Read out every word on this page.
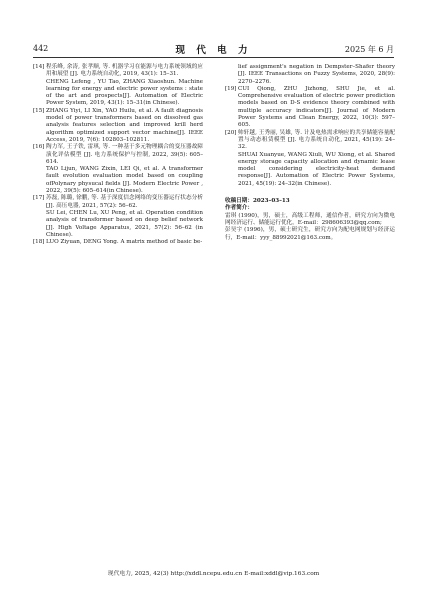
442	现 代 电 力	2025 年 6 月
[14] 程乐峰, 余涛, 张孝顺, 等. 机器学习在能源与电力系统领域的应用和展望 [J]. 电力系统自动化, 2019, 43(1): 15–31.

CHENG Lefeng , YU Tao, ZHANG Xiaoshun. Machine learning for energy and electric power systems : state of the art and prospects[J]. Automation of Electric Power System, 2019, 43(1): 15–31(in Chinese).

[15] ZHANG Yiyi, LI Xin, YAO Huilu, et al. A fault diagnosis model of power transformers based on dissolved gas analysis features selection and improved krill herd algorithm optimized support vector machine[J]. IEEE Access, 2019, 7(6): 102803–102811.

[16] 陶力军, 王子铁, 雷琪, 等. 一种基于多元物理耦合的变压器故障演化评估模型 [J]. 电力系统保护与控制, 2022, 39(5): 605–614.

TAO Lijun, WANG Zixin, LEI Qi, et al. A transformer fault evolution evaluation model based on coupling ofPolynary physucal fields [J]. Modern Electric Power , 2022, 39(5): 605–614(in Chinese).

[17] 苏磊, 陈璐, 徐鹏, 等. 基于深度信念网络的变压器运行状态分析 [J]. 高压电器, 2021, 57(2): 56–62.

SU Lei, CHEN Lu, XU Peng, et al. Operation condition analysis of transformer based on deep belief network [J]. High Voltage Apparatus, 2021, 57(2): 56–62 (in Chinese).

[18] LUO Ziyuan, DENG Yong. A matrix method of basic be-

lief assignment's negation in Dempster–Shafer theory [J]. IEEE Transactions on Fuzzy Systems, 2020, 28(9): 2270–2276.

[19] CUI Qiong, ZHU Jizhong, SHU Jie, et al. Comprehensive evaluation of electric power prediction models based on D-S evidence theory combined with multiple accuracy indicators[J]. Journal of Modern Power Systems and Clean Energy, 2022, 10(3): 597–605.

[20] 帅轩越, 王秀丽, 吴雄, 等. 计及电热需求响应的共享储能容量配置与动态租赁模型 [J]. 电力系统自动化, 2021, 45(19): 24–32.

SHUAI Xuanyue, WANG Xiuli, WU Xiong, et al. Shared energy storage capacity allocation and dynamic lease model considering electricity-heat demand response[J]. Automation of Electric Power Systems, 2021, 45(19): 24–32(in Chinese).

收稿日期：2023–03–13
作者简介：

雷琪 (1990)，男，硕士，高级工程师，通信作者，研究方向为微电网经济运行、储能运行优化，E-mail：298606393@qq.com;

彭昊宇 (1996)，男，硕士研究生，研究方向为配电网规划与经济运行，E-mail：yyy_88992021@163.com。

现代电力, 2025, 42(3) http://xddl.ncepu.edu.cn E-mail:xddl@vip.163.com
